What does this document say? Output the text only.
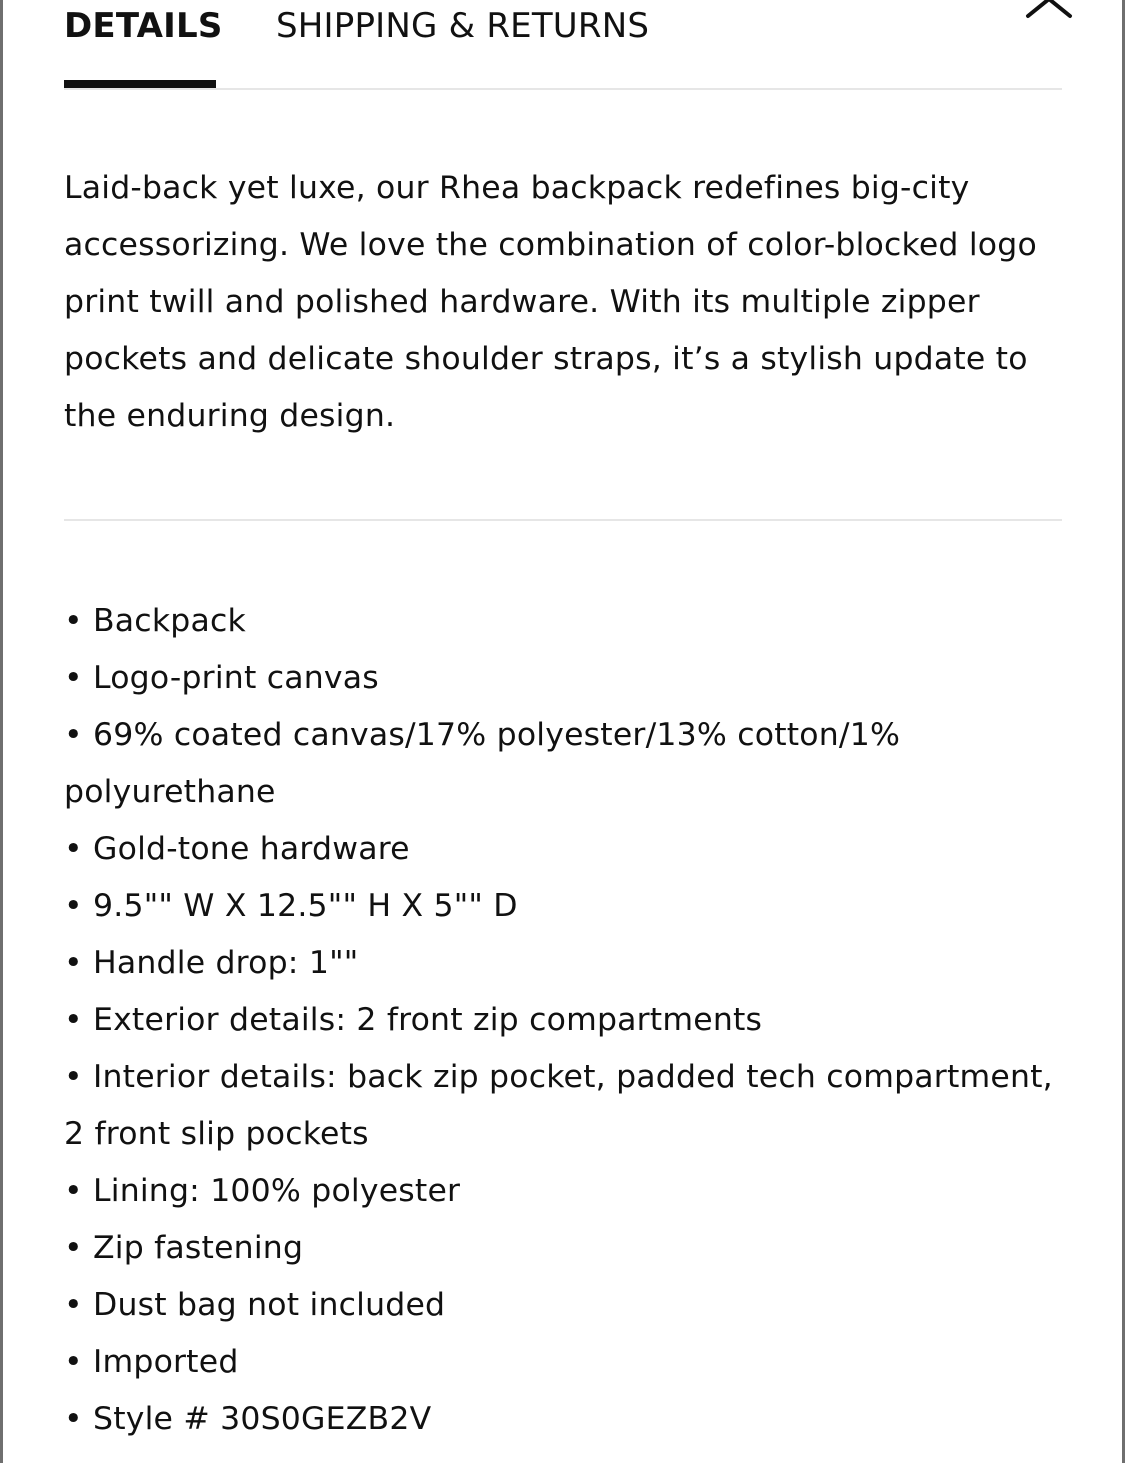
DETAILS SHIPPING & RETURNS

Laid-back yet luxe, our Rhea backpack redefines big-city accessorizing. We love the combination of color-blocked logo print twill and polished hardware. With its multiple zipper pockets and delicate shoulder straps, it’s a stylish update to the enduring design.

• Backpack
• Logo-print canvas
• 69% coated canvas/17% polyester/13% cotton/1% polyurethane
• Gold-tone hardware
• 9.5"" W X 12.5"" H X 5"" D
• Handle drop: 1""
• Exterior details: 2 front zip compartments
• Interior details: back zip pocket, padded tech compartment, 2 front slip pockets
• Lining: 100% polyester
• Zip fastening
• Dust bag not included
• Imported
• Style # 30S0GEZB2V
